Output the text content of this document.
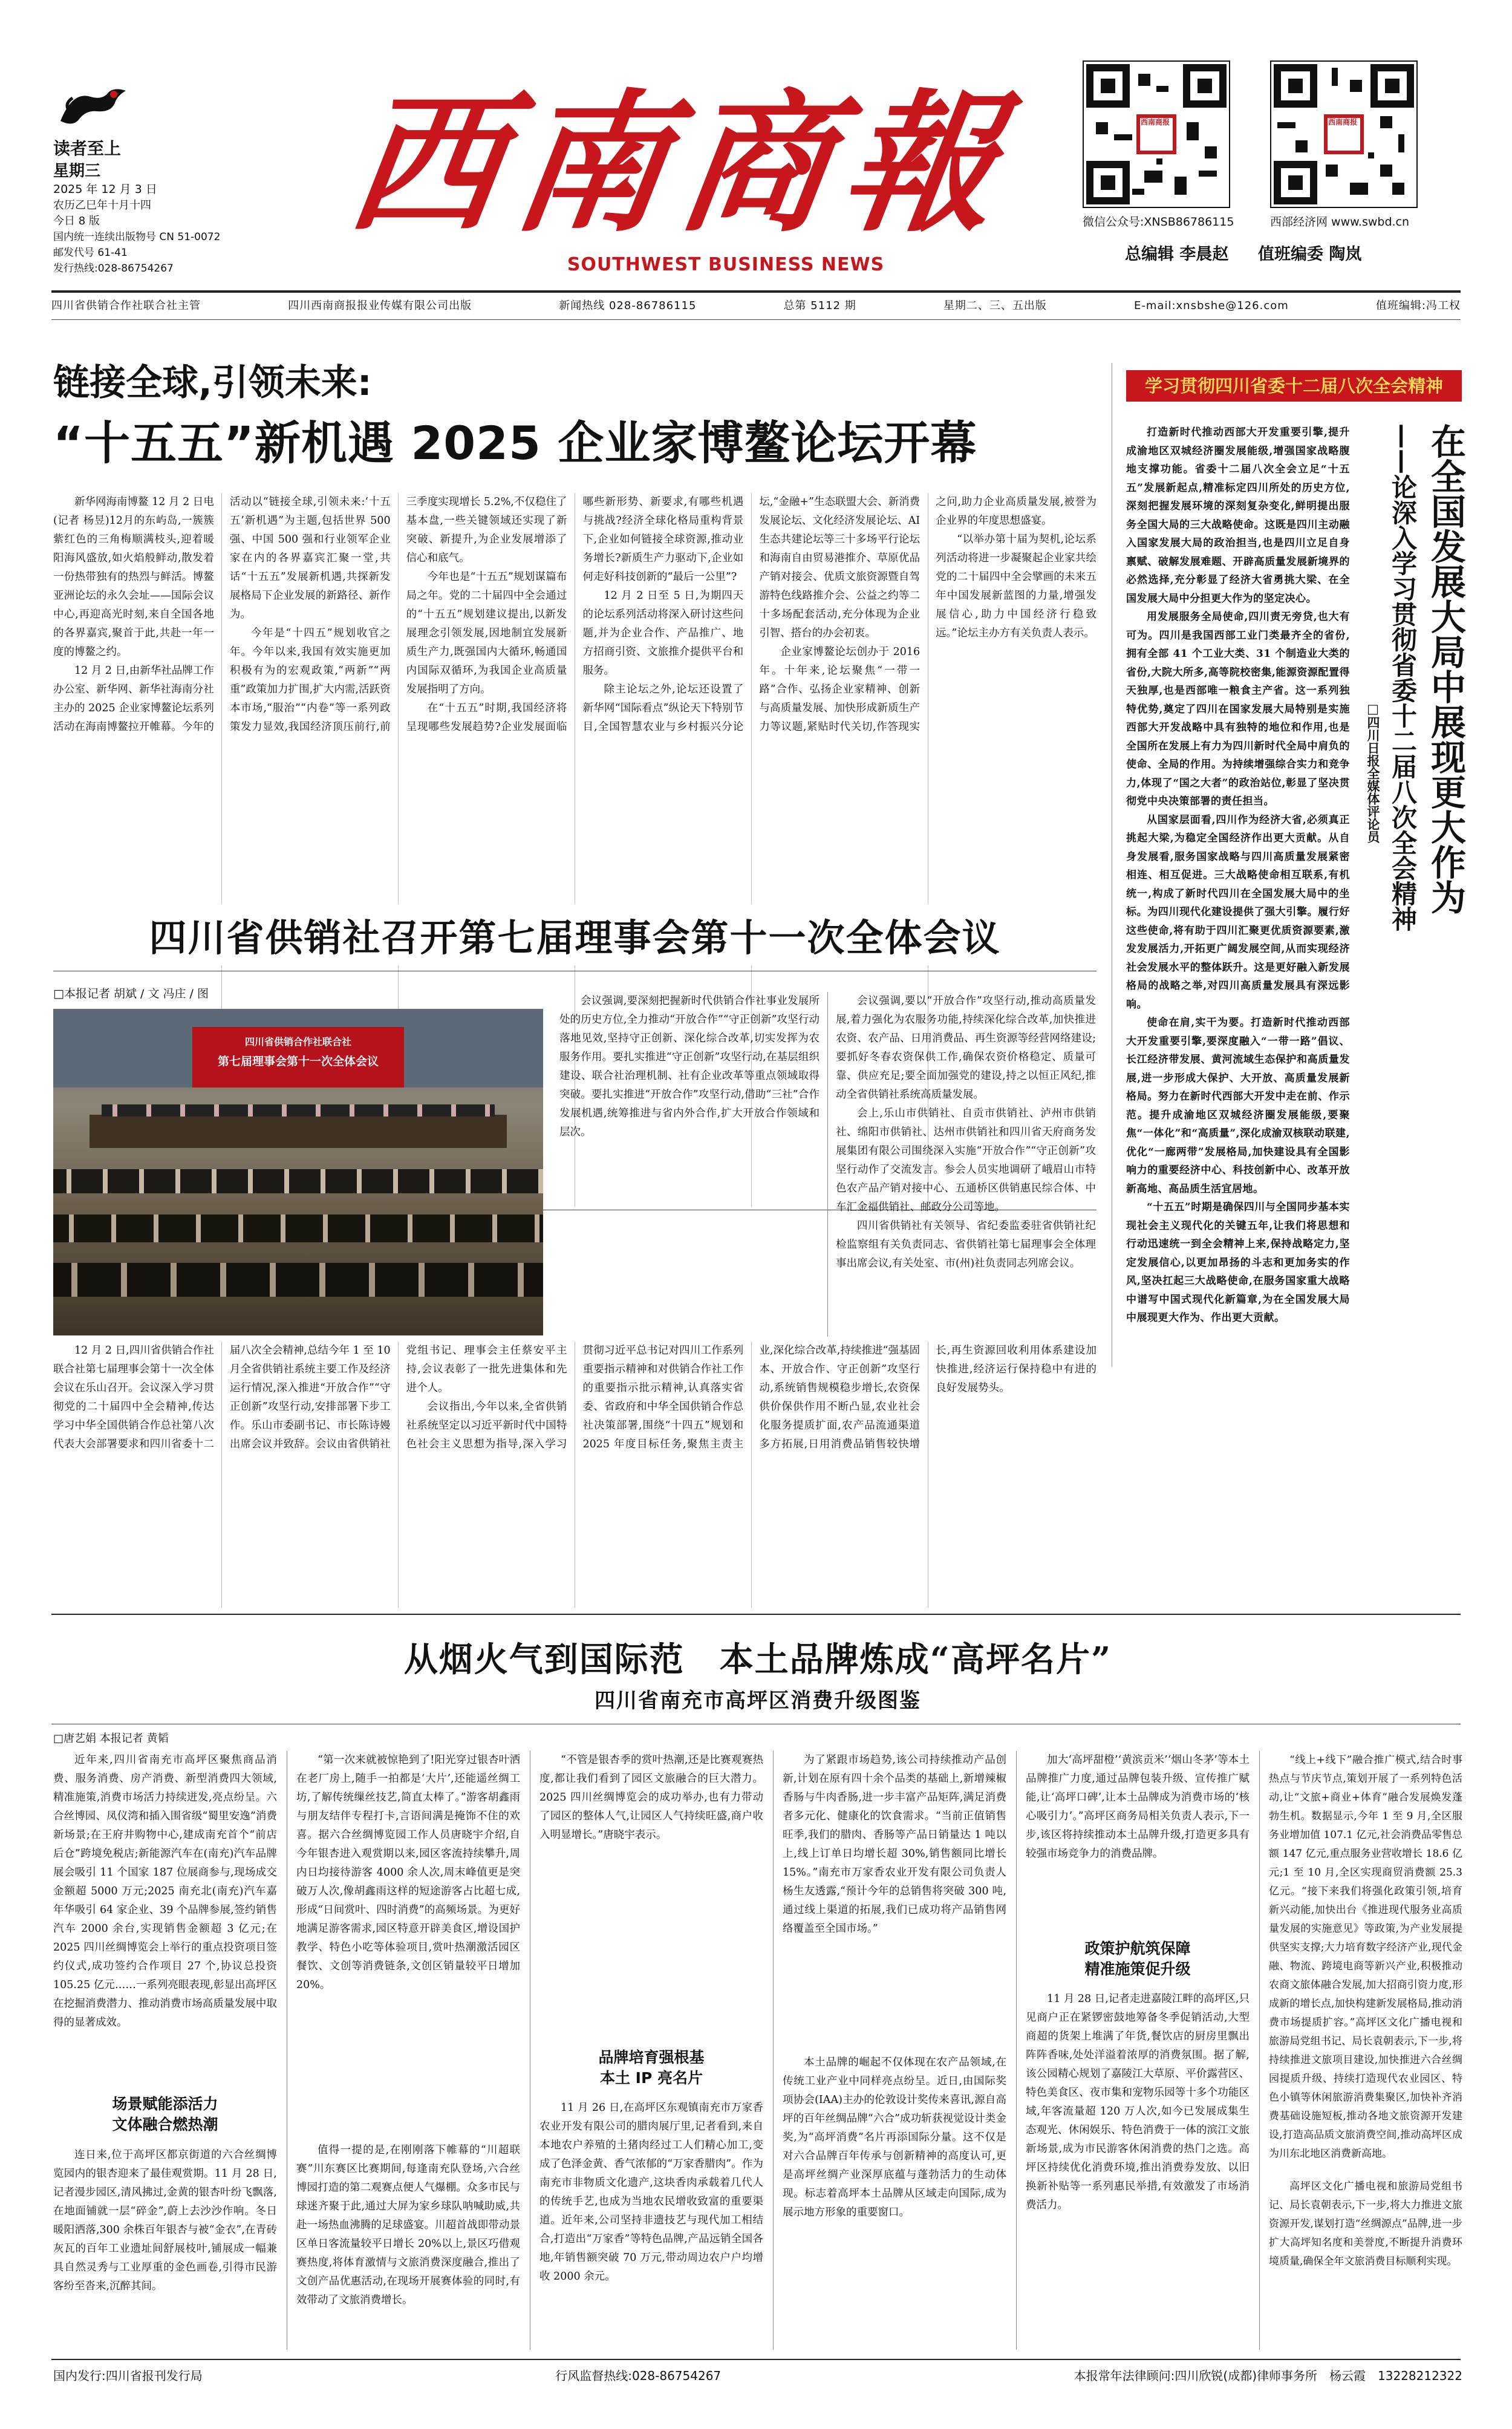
读者至上
星期三
2025 年 12 月 3 日
农历乙巳年十月十四
今日 8 版
国内统一连续出版物号 CN 51-0072
邮发代号 61-41
发行热线:028-86754267
西南商報
SOUTHWEST BUSINESS NEWS
西南商报	西南商报
微信公众号:XNSB86786115	西部经济网 www.swbd.cn
总编辑 李晨赵 值班编委 陶岚
四川省供销合作社联合社主管	四川西南商报报业传媒有限公司出版	新闻热线 028-86786115	总第 5112 期	星期二、三、五出版	E-mail:xnsbshe@126.com	值班编辑:冯工权
链接全球,引领未来:
“十五五”新机遇 2025 企业家博鳌论坛开幕

新华网海南博鳌 12 月 2 日电(记者 杨昱)12月的东屿岛,一簇簇紫红色的三角梅顺满枝头,迎着暖阳海风盛放,如火焰般鲜动,散发着一份热带独有的热烈与鲜活。博鳌亚洲论坛的永久会址——国际会议中心,再迎高光时刻,来自全国各地的各界嘉宾,聚首于此,共赴一年一度的博鳌之约。

12 月 2 日,由新华社品牌工作办公室、新华网、新华社海南分社主办的 2025 企业家博鳌论坛系列活动在海南博鳌拉开帷幕。今年的活动以“链接全球,引领未来:‘十五五’新机遇”为主题,包括世界 500 强、中国 500 强和行业领军企业家在内的各界嘉宾汇聚一堂,共话“十五五”发展新机遇,共探新发展格局下企业发展的新路径、新作为。

今年是“十四五”规划收官之年。今年以来,我国有效实施更加积极有为的宏观政策,“两新”“两重”政策加力扩围,扩大内需,活跃资本市场,“服治”“内卷”等一系列政策发力显效,我国经济顶压前行,前三季度实现增长 5.2%,不仅稳住了基本盘,一些关键领域还实现了新突破、新提升,为企业发展增添了信心和底气。

今年也是“十五五”规划谋篇布局之年。党的二十届四中全会通过的“十五五”规划建议提出,以新发展理念引领发展,因地制宜发展新质生产力,既强国内大循环,畅通国内国际双循环,为我国企业高质量发展指明了方向。

在“十五五”时期,我国经济将呈现哪些发展趋势?企业发展面临哪些新形势、新要求,有哪些机遇与挑战?经济全球化格局重构背景下,企业如何链接全球资源,推动业务增长?新质生产力驱动下,企业如何走好科技创新的“最后一公里”?

12 月 2 日至 5 日,为期四天的论坛系列活动将深入研讨这些问题,并为企业合作、产品推广、地方招商引资、文旅推介提供平台和服务。

除主论坛之外,论坛还设置了新华网“国际看点”纵论天下特别节目,全国智慧农业与乡村振兴分论坛,“金融+”生态联盟大会、新消费发展论坛、文化经济发展论坛、AI 生态共建论坛等三十多场平行论坛和海南自由贸易港推介、草原优品产销对接会、优质文旅资源暨自驾游特色线路推介会、公益之约等二十多场配套活动,充分体现为企业引智、搭台的办会初衷。

企业家博鳌论坛创办于 2016 年。十年来,论坛聚焦“一带一路”合作、弘扬企业家精神、创新与高质量发展、加快形成新质生产力等议题,紧贴时代关切,作答现实之问,助力企业高质量发展,被誉为企业界的年度思想盛宴。

“以举办第十届为契机,论坛系列活动将进一步凝聚起企业家共绘党的二十届四中全会擘画的未来五年中国发展新蓝图的力量,增强发展信心,助力中国经济行稳致远。”论坛主办方有关负责人表示。

学习贯彻四川省委十二届八次全会精神
在全国发展大局中展现更大作为
——论深入学习贯彻省委十二届八次全会精神
□四川日报全媒体评论员

打造新时代推动西部大开发重要引擎,提升成渝地区双城经济圈发展能级,增强国家战略腹地支撑功能。省委十二届八次全会立足“十五五”发展新起点,精准标定四川所处的历史方位,深刻把握发展环境的深刻复杂变化,鲜明提出服务全国大局的三大战略使命。这既是四川主动融入国家发展大局的政治担当,也是四川立足自身禀赋、破解发展难题、开辟高质量发展新境界的必然选择,充分彰显了经济大省勇挑大梁、在全国发展大局中分担更大作为的坚定决心。

用发展服务全局使命,四川责无旁贷,也大有可为。四川是我国西部工业门类最齐全的省份,拥有全部 41 个工业大类、31 个制造业大类的省份,大院大所多,高等院校密集,能源资源配置得天独厚,也是西部唯一粮食主产省。这一系列独特优势,奠定了四川在国家发展大局特别是实施西部大开发战略中具有独特的地位和作用,也是全国所在发展上有力为四川新时代全局中肩负的使命、全局的作用。为持续增强综合实力和竞争力,体现了“国之大者”的政治站位,彰显了坚决贯彻党中央决策部署的责任担当。

从国家层面看,四川作为经济大省,必须真正挑起大梁,为稳定全国经济作出更大贡献。从自身发展看,服务国家战略与四川高质量发展紧密相连、相互促进。三大战略使命相互联系,有机统一,构成了新时代四川在全国发展大局中的坐标。为四川现代化建设提供了强大引擎。履行好这些使命,将有助于四川汇聚更优质资源要素,激发发展活力,开拓更广阔发展空间,从而实现经济社会发展水平的整体跃升。这是更好融入新发展格局的战略之举,对四川高质量发展具有深远影响。

使命在肩,实干为要。打造新时代推动西部大开发重要引擎,要深度融入“一带一路”倡议、长江经济带发展、黄河流域生态保护和高质量发展,进一步形成大保护、大开放、高质量发展新格局。努力在新时代西部大开发中走在前、作示范。提升成渝地区双城经济圈发展能级,要聚焦“一体化”和“高质量”,深化成渝双核联动联建,优化“一廊两带”发展格局,加快建设具有全国影响力的重要经济中心、科技创新中心、改革开放新高地、高品质生活宜居地。

“十五五”时期是确保四川与全国同步基本实现社会主义现代化的关键五年,让我们将思想和行动迅速统一到全会精神上来,保持战略定力,坚定发展信心,以更加昂扬的斗志和更加务实的作风,坚决扛起三大战略使命,在服务国家重大战略中谱写中国式现代化新篇章,为在全国发展大局中展现更大作为、作出更大贡献。

四川省供销社召开第七届理事会第十一次全体会议
□本报记者 胡斌 / 文 冯庄 / 图
四川省供销合作社联合社
第七届理事会第十一次全体会议

12 月 2 日,四川省供销合作社联合社第七届理事会第十一次全体会议在乐山召开。会议深入学习贯彻党的二十届四中全会精神,传达学习中华全国供销合作总社第八次代表大会部署要求和四川省委十二届八次全会精神,总结今年 1 至 10 月全省供销社系统主要工作及经济运行情况,深入推进“开放合作”“守正创新”攻坚行动,安排部署下步工作。乐山市委副书记、市长陈诗嫚出席会议并致辞。会议由省供销社党组书记、理事会主任蔡安平主持,会议表彰了一批先进集体和先进个人。

会议指出,今年以来,全省供销社系统坚定以习近平新时代中国特色社会主义思想为指导,深入学习贯彻习近平总书记对四川工作系列重要指示精神和对供销合作社工作的重要指示批示精神,认真落实省委、省政府和中华全国供销合作总社决策部署,围绕“十四五”规划和 2025 年度目标任务,聚焦主责主业,深化综合改革,持续推进“强基固本、开放合作、守正创新”攻坚行动,系统销售规模稳步增长,农资保供价保供作用不断凸显,农业社会化服务提质扩面,农产品流通渠道多方拓展,日用消费品销售较快增长,再生资源回收利用体系建设加快推进,经济运行保持稳中有进的良好发展势头。

会议强调,要深刻把握新时代供销合作社事业发展所处的历史方位,全力推动“开放合作”“守正创新”攻坚行动落地见效,坚持守正创新、深化综合改革,切实发挥为农服务作用。要扎实推进“守正创新”攻坚行动,在基层组织建设、联合社治理机制、社有企业改革等重点领域取得突破。要扎实推进“开放合作”攻坚行动,借助“三社”合作发展机遇,统筹推进与省内外合作,扩大开放合作领域和层次。

会议强调,要以“开放合作”攻坚行动,推动高质量发展,着力强化为农服务功能,持续深化综合改革,加快推进农资、农产品、日用消费品、再生资源等经营网络建设;要抓好冬春农资保供工作,确保农资价格稳定、质量可靠、供应充足;要全面加强党的建设,持之以恒正风纪,推动全省供销社系统高质量发展。

会上,乐山市供销社、自贡市供销社、泸州市供销社、绵阳市供销社、达州市供销社和四川省天府商务发展集团有限公司围绕深入实施“开放合作”“守正创新”攻坚行动作了交流发言。参会人员实地调研了峨眉山市特色农产品产销对接中心、五通桥区供销惠民综合体、中车汇金福供销社、邮政分公司等地。

四川省供销社有关领导、省纪委监委驻省供销社纪检监察组有关负责同志、省供销社第七届理事会全体理事出席会议,有关处室、市(州)社负责同志列席会议。

从烟火气到国际范　本土品牌炼成“高坪名片”
四川省南充市高坪区消费升级图鉴
□唐艺娟 本报记者 黄韬

近年来,四川省南充市高坪区聚焦商品消费、服务消费、房产消费、新型消费四大领域,精准施策,消费市场活力持续迸发,亮点纷呈。六合丝博园、凤仪湾和插入围省级“蜀里安逸”消费新场景;在王府井购物中心,建成南充首个“前店后仓”跨境免税店;新能源汽车在(南充)汽车品牌展会吸引 11 个国家 187 位展商参与,现场成交金额超 5000 万元;2025 南充北(南充)汽车嘉年华吸引 64 家企业、39 个品牌参展,签约销售汽车 2000 余台,实现销售金额超 3 亿元;在 2025 四川丝绸博览会上举行的重点投资项目签约仪式,成功签约合作项目 27 个,协议总投资 105.25 亿元……一系列亮眼表现,彰显出高坪区在挖掘消费潜力、推动消费市场高质量发展中取得的显著成效。

场景赋能添活力
文体融合燃热潮

连日来,位于高坪区都京街道的六合丝绸博览园内的银杏迎来了最佳观赏期。11 月 28 日,记者漫步园区,清风拂过,金黄的银杏叶纷飞飘落,在地面铺就一层“碎金”,蔚上去沙沙作响。冬日暖阳洒落,300 余株百年银杏与被“金衣”,在青砖灰瓦的百年工业遗址间舒展枝叶,铺展成一幅兼具自然灵秀与工业厚重的金色画卷,引得市民游客纷至沓来,沉醉其间。

“第一次来就被惊艳到了!阳光穿过银杏叶洒在老厂房上,随手一拍都是‘大片’,还能遥丝绸工坊,了解传统缫丝技艺,简直太棒了。”游客胡鑫雨与朋友结伴专程打卡,言语间满是掩饰不住的欢喜。据六合丝绸博览园工作人员唐晓宇介绍,自今年银杏进入观赏期以来,园区客流持续攀升,周内日均接待游客 4000 余人次,周末峰值更是突破万人次,像胡鑫雨这样的短途游客占比超七成,形成“日间赏叶、四时消费”的高频场景。为更好地满足游客需求,园区特意开辟美食区,增设国护教学、特色小吃等体验项目,赏叶热潮激活园区餐饮、文创等消费链条,文创区销量较平日增加 20%。

值得一提的是,在刚刚落下帷幕的“川超联赛”川东赛区比赛期间,每逢南充队登场,六合丝博园打造的第二观赛点便人气爆棚。众多市民与球迷齐聚于此,通过大屏为家乡球队呐喊助威,共赴一场热血沸腾的足球盛宴。川超首战即带动景区单日客流量较平日增长 20%以上,景区巧借观赛热度,将体育激情与文旅消费深度融合,推出了文创产品优惠活动,在现场开展赛体验的同时,有效带动了文旅消费增长。

“不管是银杏季的赏叶热潮,还是比赛观赛热度,都让我们看到了园区文旅融合的巨大潜力。2025 四川丝绸博览会的成功举办,也有力带动了园区的整体人气,让园区人气持续旺盛,商户收入明显增长。”唐晓宇表示。

品牌培育强根基
本土 IP 亮名片

11 月 26 日,在高坪区东观镇南充市万家香农业开发有限公司的腊肉展厅里,记者看到,来自本地农户养殖的土猪肉经过工人们精心加工,变成了色泽金黄、香气浓郁的“万家香腊肉”。作为南充市非物质文化遗产,这块香肉承载着几代人的传统手艺,也成为当地农民增收致富的重要渠道。近年来,公司坚持非遗技艺与现代加工相结合,打造出“万家香”等特色品牌,产品远销全国各地,年销售额突破 70 万元,带动周边农户户均增收 2000 余元。

为了紧跟市场趋势,该公司持续推动产品创新,计划在原有四十余个品类的基础上,新增辣椒香肠与牛肉香肠,进一步丰富产品矩阵,满足消费者多元化、健康化的饮食需求。“当前正值销售旺季,我们的腊肉、香肠等产品日销量达 1 吨以上,线上订单日均增长超 30%,销售额同比增长 15%。”南充市万家香农业开发有限公司负责人杨生友透露,“预计今年的总销售将突破 300 吨,通过线上渠道的拓展,我们已成功将产品销售网络覆盖至全国市场。”

本土品牌的崛起不仅体现在农产品领域,在传统工业产业中同样亮点纷呈。近日,由国际奖项协会(IAA)主办的伦敦设计奖传来喜讯,源自高坪的百年丝绸品牌“六合”成功斩获视觉设计类金奖,为“高坪消费”名片再添国际分量。这不仅是对六合品牌百年传承与创新精神的高度认可,更是高坪丝绸产业深厚底蕴与蓬勃活力的生动体现。标志着高坪本土品牌从区域走向国际,成为展示地方形象的重要窗口。

加大‘高坪甜橙’‘黄滨贡米’‘烟山冬茅’等本土品牌推广力度,通过品牌包装升级、宣传推广赋能,让‘高坪口碑’,让本土品牌成为消费市场的‘核心吸引力’。”高坪区商务局相关负责人表示,下一步,该区将持续推动本土品牌升级,打造更多具有较强市场竞争力的消费品牌。

政策护航筑保障
精准施策促升级

11 月 28 日,记者走进嘉陵江畔的高坪区,只见商户正在紧锣密鼓地筹备冬季促销活动,大型商超的货架上堆满了年货,餐饮店的厨房里飘出阵阵香味,处处洋溢着浓厚的消费氛围。据了解,该公园精心规划了嘉陵江大草原、平价露营区、特色美食区、夜市集和宠物乐园等十多个功能区域,年客流量超 120 万人次,如今已发展成集生态观光、休闲娱乐、特色消费于一体的滨江文旅新场景,成为市民游客休闲消费的热门之选。高坪区持续优化消费环境,推出消费券发放、以旧换新补贴等一系列惠民举措,有效激发了市场消费活力。

“线上+线下”融合推广模式,结合时事热点与节庆节点,策划开展了一系列特色活动,让“文旅+商业+体育”融合发展焕发蓬勃生机。数据显示,今年 1 至 9 月,全区服务业增加值 107.1 亿元,社会消费品零售总额 147 亿元,重点服务业营收增长 18.6 亿元;1 至 10 月,全区实现商贸消费额 25.3 亿元。“接下来我们将强化政策引领,培育新兴动能,加快出台《推进现代服务业高质量发展的实施意见》等政策,为产业发展提供坚实支撑;大力培育数字经济产业,现代金融、物流、跨境电商等新兴产业,积极推动农商文旅体融合发展,加大招商引资力度,形成新的增长点,加快构建新发展格局,推动消费市场提质扩容。”高坪区文化广播电视和旅游局党组书记、局长袁朝表示,下一步,将持续推进文旅项目建设,加快推进六合丝绸园提质升级、持续打造现代农业园区、特色小镇等休闲旅游消费集聚区,加快补齐消费基础设施短板,推动各地文旅资源开发建设,打造高品质文旅消费空间,推动高坪区成为川东北地区消费新高地。

高坪区文化广播电视和旅游局党组书记、局长袁朝表示,下一步,将大力推进文旅资源开发,谋划打造“丝绸源点”品牌,进一步扩大高坪知名度和美誉度,不断提升消费环境质量,确保全年文旅消费目标顺利实现。

国内发行:四川省报刊发行局	行风监督热线:028-86754267	本报常年法律顾问:四川欣锐(成都)律师事务所　杨云霞　13228212322
